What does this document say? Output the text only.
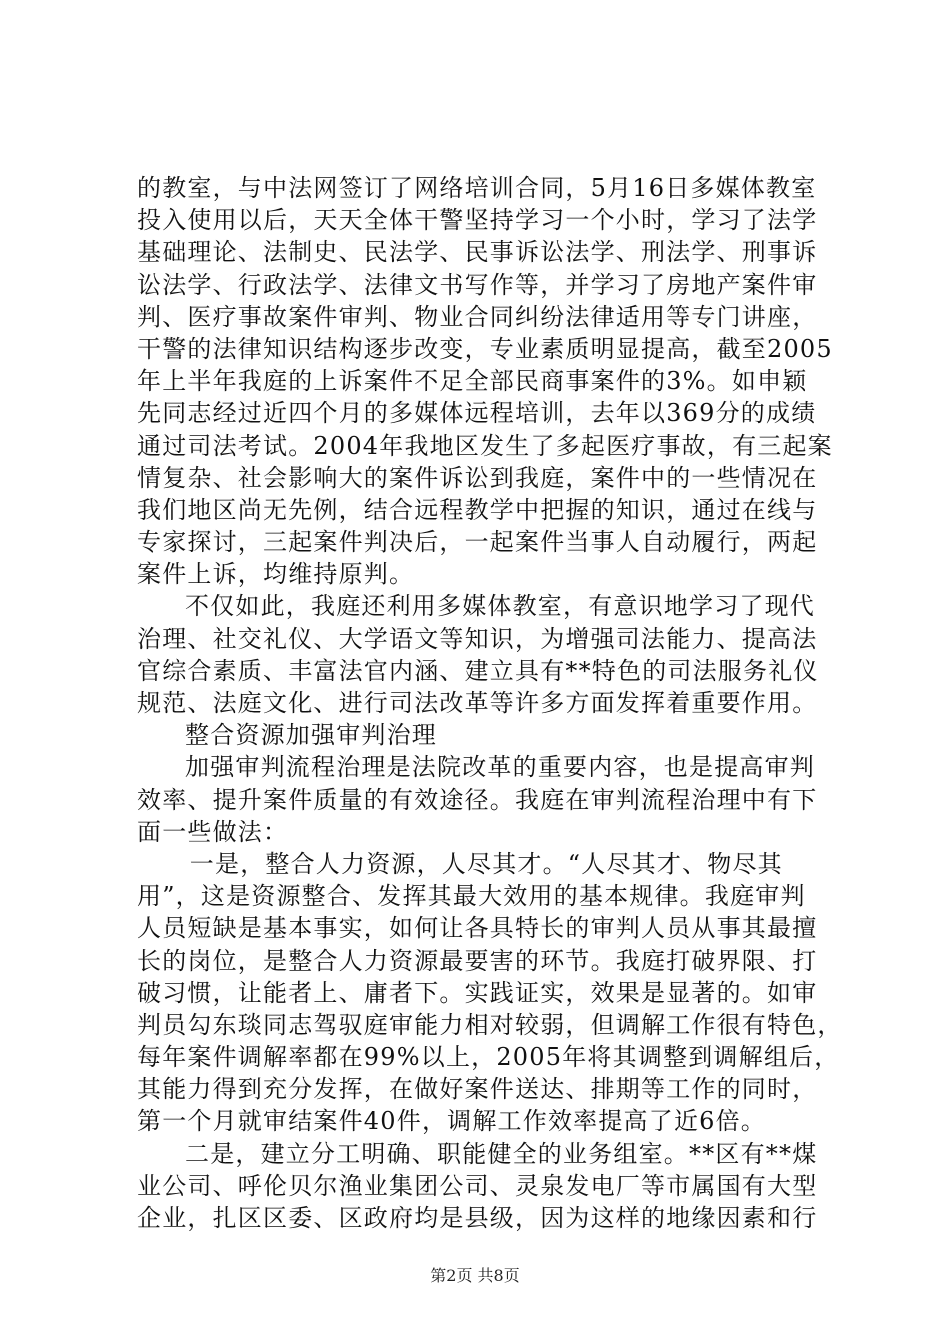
的教室，与中法网签订了网络培训合同，5月16日多媒体教室
投入使用以后，天天全体干警坚持学习一个小时，学习了法学
基础理论、法制史、民法学、民事诉讼法学、刑法学、刑事诉
讼法学、行政法学、法律文书写作等，并学习了房地产案件审
判、医疗事故案件审判、物业合同纠纷法律适用等专门讲座，
干警的法律知识结构逐步改变，专业素质明显提高，截至2005
年上半年我庭的上诉案件不足全部民商事案件的3%。如申颖
先同志经过近四个月的多媒体远程培训，去年以369分的成绩
通过司法考试。2004年我地区发生了多起医疗事故，有三起案
情复杂、社会影响大的案件诉讼到我庭，案件中的一些情况在
我们地区尚无先例，结合远程教学中把握的知识，通过在线与
专家探讨，三起案件判决后，一起案件当事人自动履行，两起
案件上诉，均维持原判。
不仅如此，我庭还利用多媒体教室，有意识地学习了现代
治理、社交礼仪、大学语文等知识，为增强司法能力、提高法
官综合素质、丰富法官内涵、建立具有**特色的司法服务礼仪
规范、法庭文化、进行司法改革等许多方面发挥着重要作用。
整合资源加强审判治理
加强审判流程治理是法院改革的重要内容，也是提高审判
效率、提升案件质量的有效途径。我庭在审判流程治理中有下
面一些做法：
一是，整合人力资源，人尽其才。“人尽其才、物尽其
用”，这是资源整合、发挥其最大效用的基本规律。我庭审判
人员短缺是基本事实，如何让各具特长的审判人员从事其最擅
长的岗位，是整合人力资源最要害的环节。我庭打破界限、打
破习惯，让能者上、庸者下。实践证实，效果是显著的。如审
判员勾东琰同志驾驭庭审能力相对较弱，但调解工作很有特色，
每年案件调解率都在99%以上，2005年将其调整到调解组后，
其能力得到充分发挥，在做好案件送达、排期等工作的同时，
第一个月就审结案件40件，调解工作效率提高了近6倍。
二是，建立分工明确、职能健全的业务组室。**区有**煤
业公司、呼伦贝尔渔业集团公司、灵泉发电厂等市属国有大型
企业，扎区区委、区政府均是县级，因为这样的地缘因素和行
第2页 共8页
